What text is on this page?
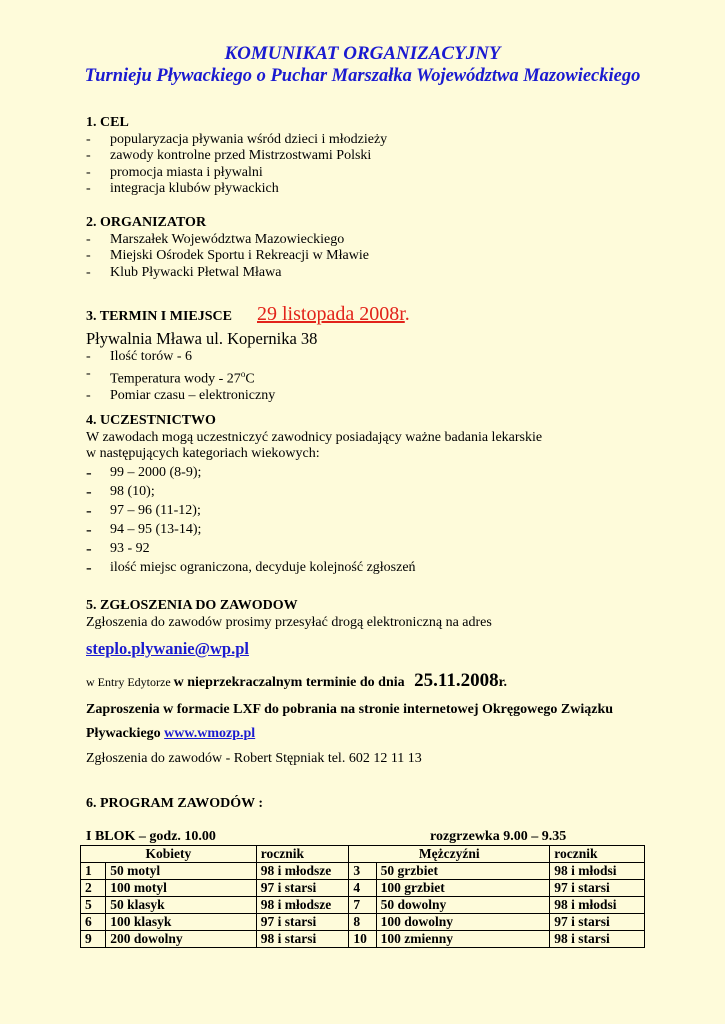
KOMUNIKAT ORGANIZACYJNY
Turnieju Pływackiego o Puchar Marszałka Województwa Mazowieckiego
1. CEL
-	popularyzacja pływania wśród dzieci i młodzieży
-	zawody kontrolne przed Mistrzostwami Polski
-	promocja miasta i pływalni
-	integracja klubów pływackich
2. ORGANIZATOR
-	Marszałek Województwa Mazowieckiego
-	Miejski Ośrodek Sportu i Rekreacji w Mławie
-	Klub Pływacki Płetwal Mława
3. TERMIN I MIEJSCE 29 listopada 2008r.
Pływalnia Mława ul. Kopernika 38
-	Ilość torów - 6
-	Temperatura wody - 27$^o$C
-	Pomiar czasu – elektroniczny
4. UCZESTNICTWO
W zawodach mogą uczestniczyć zawodnicy posiadający ważne badania lekarskie
w następujących kategoriach wiekowych:
-	99 – 2000 (8-9);
-	98 (10);
-	97 – 96 (11-12);
-	94 – 95 (13-14);
-	93 - 92
-	ilość miejsc ograniczona, decyduje kolejność zgłoszeń
5. ZGŁOSZENIA DO ZAWODOW
Zgłoszenia do zawodów prosimy przesyłać drogą elektroniczną na adres
steplo.plywanie@wp.pl
w Entry Edytorze w nieprzekraczalnym terminie do dnia 25.11.2008r.
Zaproszenia w formacie LXF do pobrania na stronie internetowej Okręgowego Związku
Pływackiego www.wmozp.pl
Zgłoszenia do zawodów - Robert Stępniak tel. 602 12 11 13
6. PROGRAM ZAWODÓW :
I BLOK – godz. 10.00	rozgrzewka 9.00 – 9.35
Kobiety		rocznik	Mężczyźni		rocznik
1	50 motyl	98 i młodsze	3	50 grzbiet	98 i młodsi
2	100 motyl	97 i starsi	4	100 grzbiet	97 i starsi
5	50 klasyk	98 i młodsze	7	50 dowolny	98 i młodsi
6	100 klasyk	97 i starsi	8	100 dowolny	97 i starsi
9	200 dowolny	98 i starsi	10	100 zmienny	98 i starsi
